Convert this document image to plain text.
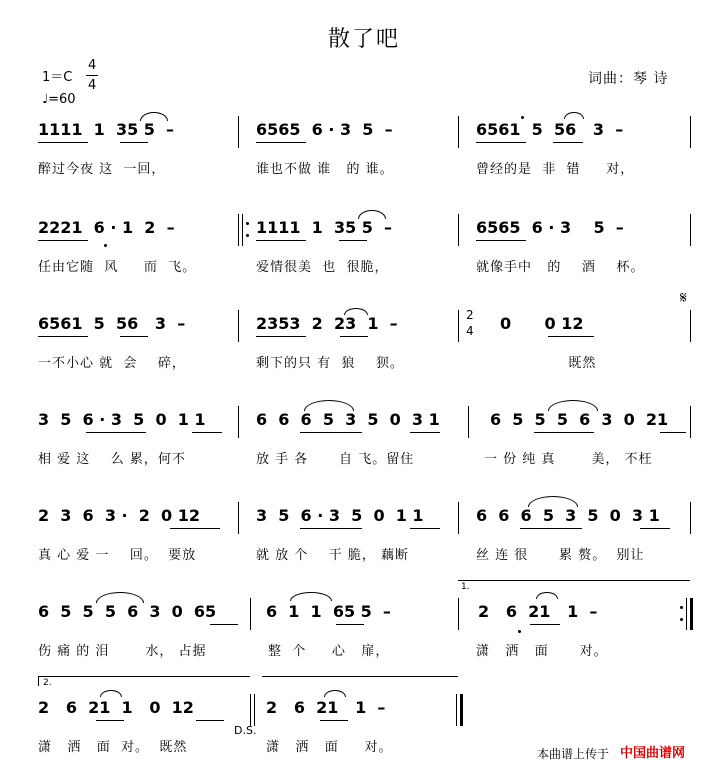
散了吧
1＝C
4
4
♩=60
词曲：琴 诗
1111  1  35 5  –	6565  6 · 3  5  –	6561  5  56   3  –
醉过今夜 这  一回，	谁也不做 谁   的 谁。	曾经的是  非  错     对，
2221  6 · 1  2  –	1111  1  35 5  –	6565  6 · 3    5  –
任由它随  风     而  飞。	爱情很美  也  很脆，	就像手中   的    酒    杯。
6561  5  56   3  –	2353  2  23  1  –	0      0 12
一不小心 就  会    碎，	剩下的只 有  狼    狈。	既然
2
4
𝄋
3  5  6 · 3  5  0  1 1	6  6  6  5  3  5  0  3 1	6  5  5  5  6  3  0  21
相 爱 这    么 累，何不	放 手 各      自 飞。留住	一 份 纯 真       美， 不枉
2  3  6  3 ·  2  0 12	3  5  6 · 3  5  0  1 1	6  6  6  5  3  5  0  3 1
真 心 爱 一    回。  要放	就 放 个    干 脆， 藕断	丝 连 很      累 赘。  别让
6  5  5  5  6  3  0  65	6  1  1  65 5  –	2   6  21   1  –
伤 痛 的 泪       水， 占据	整  个     心   扉，	潇   洒   面      对。
1.
2   6  21  1   0  12	2   6  21   1  –
潇   洒   面  对。  既然	潇   洒   面     对。
2.
D.S.
本曲谱上传于 中国曲谱网
